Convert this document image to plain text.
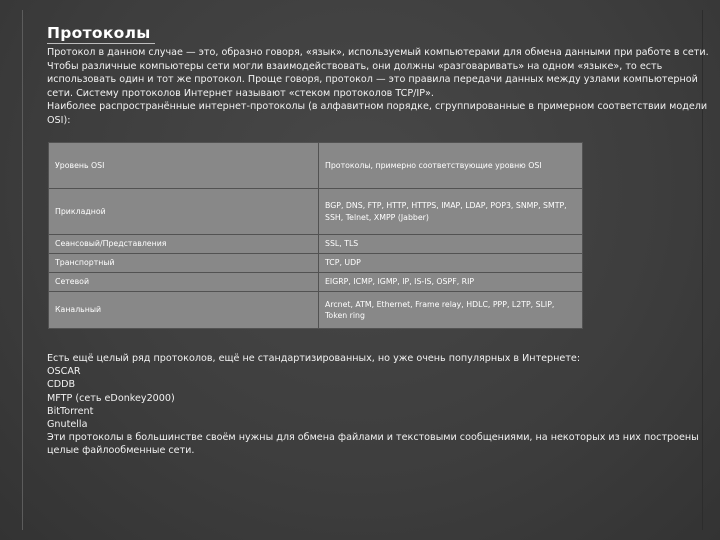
Протоколы

Протокол в данном случае — это, образно говоря, «язык», используемый компьютерами для обмена данными при работе в сети. Чтобы различные компьютеры сети могли взаимодействовать, они должны «разговаривать» на одном «языке», то есть использовать один и тот же протокол. Проще говоря, протокол — это правила передачи данных между узлами компьютерной сети. Систему протоколов Интернет называют «стеком протоколов TCP/IP».

Наиболее распространённые интернет-протоколы (в алфавитном порядке, сгруппированные в примерном соответствии модели OSI):

Уровень OSI	Протоколы, примерно соответствующие уровню OSI
Прикладной	BGP, DNS, FTP, HTTP, HTTPS, IMAP, LDAP, POP3, SNMP, SMTP, SSH, Telnet, XMPP (Jabber)
Сеансовый/Представления	SSL, TLS
Транспортный	TCP, UDP
Сетевой	EIGRP, ICMP, IGMP, IP, IS-IS, OSPF, RIP
Канальный	Arcnet, ATM, Ethernet, Frame relay, HDLC, PPP, L2TP, SLIP, Token ring

Есть ещё целый ряд протоколов, ещё не стандартизированных, но уже очень популярных в Интернете:

OSCAR

CDDB

MFTP (сеть eDonkey2000)

BitTorrent

Gnutella

Эти протоколы в большинстве своём нужны для обмена файлами и текстовыми сообщениями, на некоторых из них построены целые файлообменные сети.
